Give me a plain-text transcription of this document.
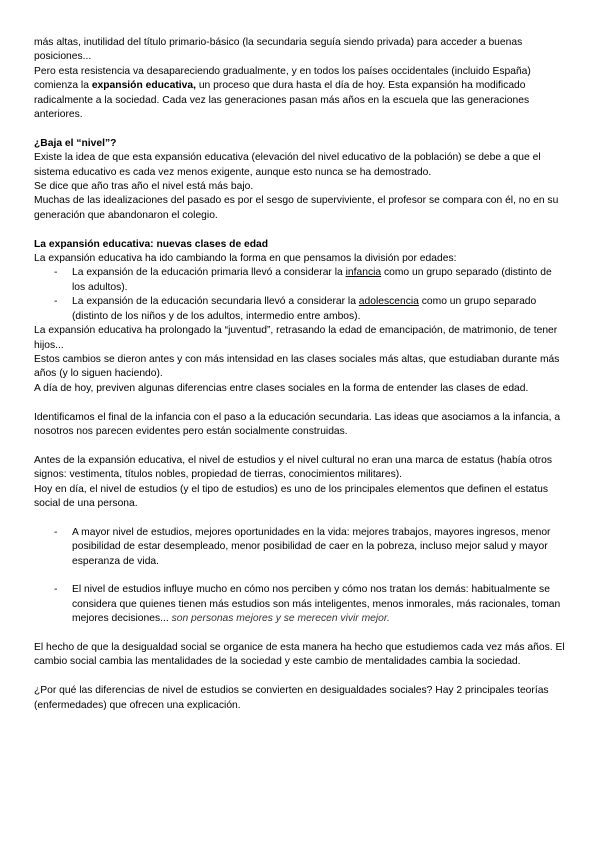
más altas, inutilidad del título primario-básico (la secundaria seguía siendo privada) para acceder a buenas posiciones...

Pero esta resistencia va desapareciendo gradualmente, y en todos los países occidentales (incluido España) comienza la expansión educativa, un proceso que dura hasta el día de hoy. Esta expansión ha modificado radicalmente a la sociedad. Cada vez las generaciones pasan más años en la escuela que las generaciones anteriores.

¿Baja el “nivel”?

Existe la idea de que esta expansión educativa (elevación del nivel educativo de la población) se debe a que el sistema educativo es cada vez menos exigente, aunque esto nunca se ha demostrado.

Se dice que año tras año el nivel está más bajo.

Muchas de las idealizaciones del pasado es por el sesgo de superviviente, el profesor se compara con él, no en su generación que abandonaron el colegio.

La expansión educativa: nuevas clases de edad

La expansión educativa ha ido cambiando la forma en que pensamos la división por edades:

- La expansión de la educación primaria llevó a considerar la infancia como un grupo separado (distinto de los adultos).
- La expansión de la educación secundaria llevó a considerar la adolescencia como un grupo separado (distinto de los niños y de los adultos, intermedio entre ambos).

La expansión educativa ha prolongado la “juventud”, retrasando la edad de emancipación, de matrimonio, de tener hijos...

Estos cambios se dieron antes y con más intensidad en las clases sociales más altas, que estudiaban durante más años (y lo siguen haciendo).

A día de hoy, previven algunas diferencias entre clases sociales en la forma de entender las clases de edad.

Identificamos el final de la infancia con el paso a la educación secundaria. Las ideas que asociamos a la infancia, a nosotros nos parecen evidentes pero están socialmente construidas.

Antes de la expansión educativa, el nivel de estudios y el nivel cultural no eran una marca de estatus (había otros signos: vestimenta, títulos nobles, propiedad de tierras, conocimientos militares).

Hoy en día, el nivel de estudios (y el tipo de estudios) es uno de los principales elementos que definen el estatus social de una persona.

- A mayor nivel de estudios, mejores oportunidades en la vida: mejores trabajos, mayores ingresos, menor posibilidad de estar desempleado, menor posibilidad de caer en la pobreza, incluso mejor salud y mayor esperanza de vida.
- El nivel de estudios influye mucho en cómo nos perciben y cómo nos tratan los demás: habitualmente se considera que quienes tienen más estudios son más inteligentes, menos inmorales, más racionales, toman mejores decisiones... son personas mejores y se merecen vivir mejor.

El hecho de que la desigualdad social se organice de esta manera ha hecho que estudiemos cada vez más años. El cambio social cambia las mentalidades de la sociedad y este cambio de mentalidades cambia la sociedad.

¿Por qué las diferencias de nivel de estudios se convierten en desigualdades sociales? Hay 2 principales teorías (enfermedades) que ofrecen una explicación.
